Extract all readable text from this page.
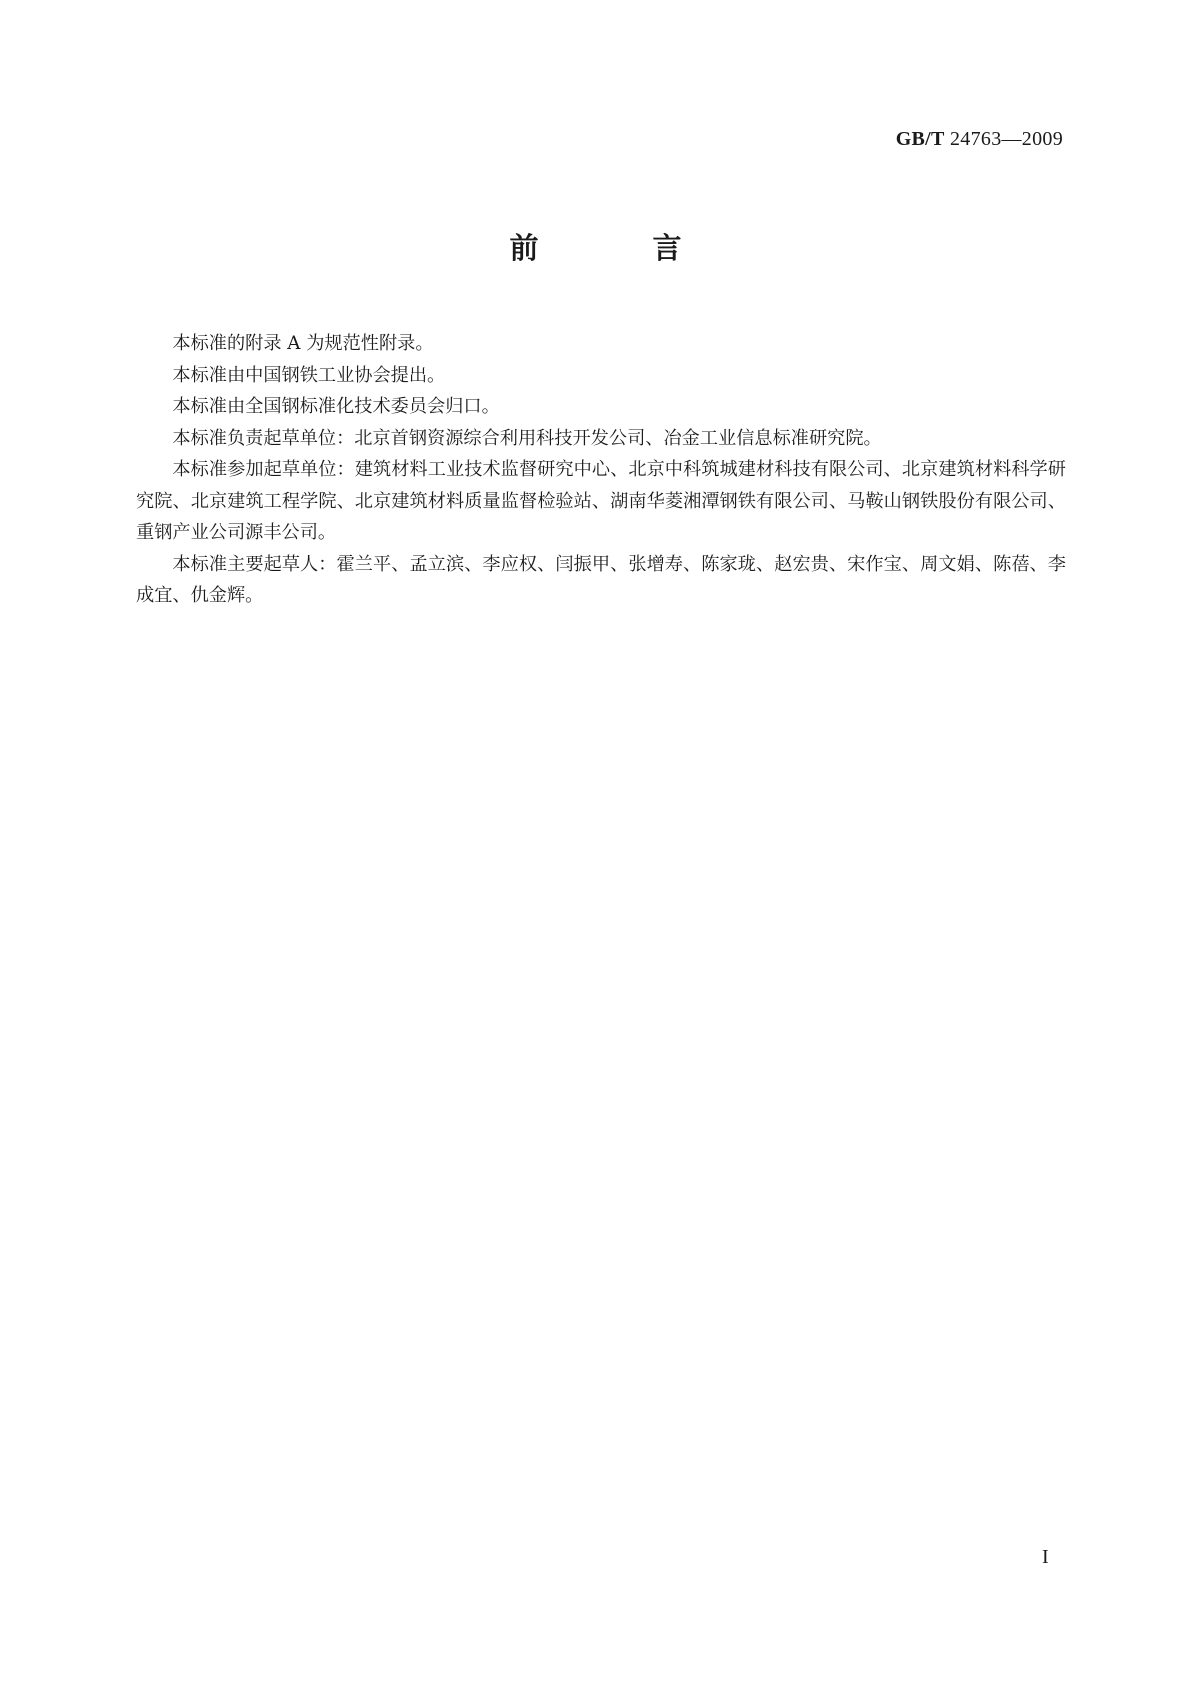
GB/T 24763—2009
前 言

本标准的附录 A 为规范性附录。

本标准由中国钢铁工业协会提出。

本标准由全国钢标准化技术委员会归口。

本标准负责起草单位：北京首钢资源综合利用科技开发公司、冶金工业信息标准研究院。

本标准参加起草单位：建筑材料工业技术监督研究中心、北京中科筑城建材科技有限公司、北京建筑材料科学研究院、北京建筑工程学院、北京建筑材料质量监督检验站、湖南华菱湘潭钢铁有限公司、马鞍山钢铁股份有限公司、重钢产业公司源丰公司。

本标准主要起草人：霍兰平、孟立滨、李应权、闫振甲、张增寿、陈家珑、赵宏贵、宋作宝、周文娟、陈蓓、李成宜、仇金辉。

I
